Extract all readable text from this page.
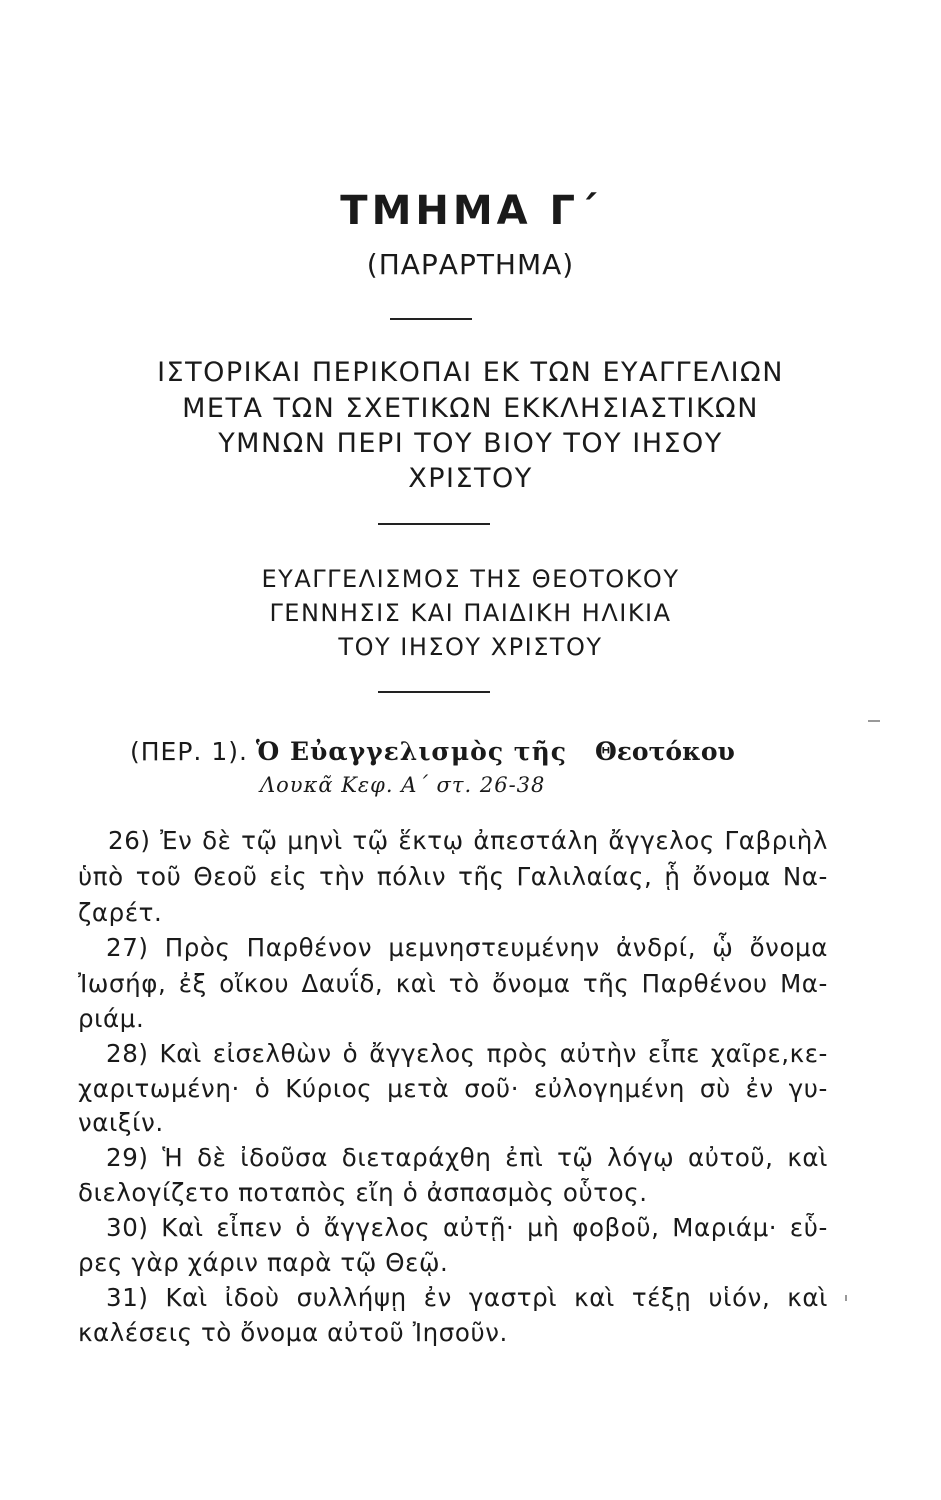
ΤΜΗΜΑ Γ΄
(ΠΑΡΑΡΤΗΜΑ)
ΙΣΤΟΡΙΚΑΙ ΠΕΡΙΚΟΠΑΙ ΕΚ ΤΩΝ ΕΥΑΓΓΕΛΙΩΝ
ΜΕΤΑ ΤΩΝ ΣΧΕΤΙΚΩΝ ΕΚΚΛΗΣΙΑΣΤΙΚΩΝ
ΥΜΝΩΝ ΠΕΡΙ ΤΟΥ ΒΙΟΥ ΤΟΥ ΙΗΣΟΥ
ΧΡΙΣΤΟΥ
ΕΥΑΓΓΕΛΙΣΜΟΣ ΤΗΣ ΘΕΟΤΟΚΟΥ
ΓΕΝΝΗΣΙΣ ΚΑΙ ΠΑΙΔΙΚΗ ΗΛΙΚΙΑ
ΤΟΥ ΙΗΣΟΥ ΧΡΙΣΤΟΥ
(ΠΕΡ. 1). Ὁ Εὐαγγελισμὸς τῆς Θεοτόκου
Λουκᾶ Κεφ. Α΄ στ. 26-38
26) Ἐν δὲ τῷ μηνὶ τῷ ἕκτῳ ἀπεστάλη ἄγγελος Γαβριὴλ
ὑπὸ τοῦ Θεοῦ εἰς τὴν πόλιν τῆς Γαλιλαίας, ᾗ ὄνομα Να-
ζαρέτ.
27) Πρὸς Παρθένον μεμνηστευμένην ἀνδρί, ᾧ ὄνομα
Ἰωσήφ, ἐξ οἴκου Δαυΐδ, καὶ τὸ ὄνομα τῆς Παρθένου Μα-
ριάμ.
28) Καὶ εἰσελθὼν ὁ ἄγγελος πρὸς αὐτὴν εἶπε χαῖρε,κε-
χαριτωμένη· ὁ Κύριος μετὰ σοῦ· εὐλογημένη σὺ ἐν γυ-
ναιξίν.
29) Ἡ δὲ ἰδοῦσα διεταράχθη ἐπὶ τῷ λόγῳ αὐτοῦ, καὶ
διελογίζετο ποταπὸς εἴη ὁ ἀσπασμὸς οὗτος.
30) Καὶ εἶπεν ὁ ἄγγελος αὐτῇ· μὴ φοβοῦ, Μαριάμ· εὗ-
ρες γὰρ χάριν παρὰ τῷ Θεῷ.
31) Καὶ ἰδοὺ συλλήψῃ ἐν γαστρὶ καὶ τέξῃ υἱόν, καὶ
καλέσεις τὸ ὄνομα αὐτοῦ Ἰησοῦν.
